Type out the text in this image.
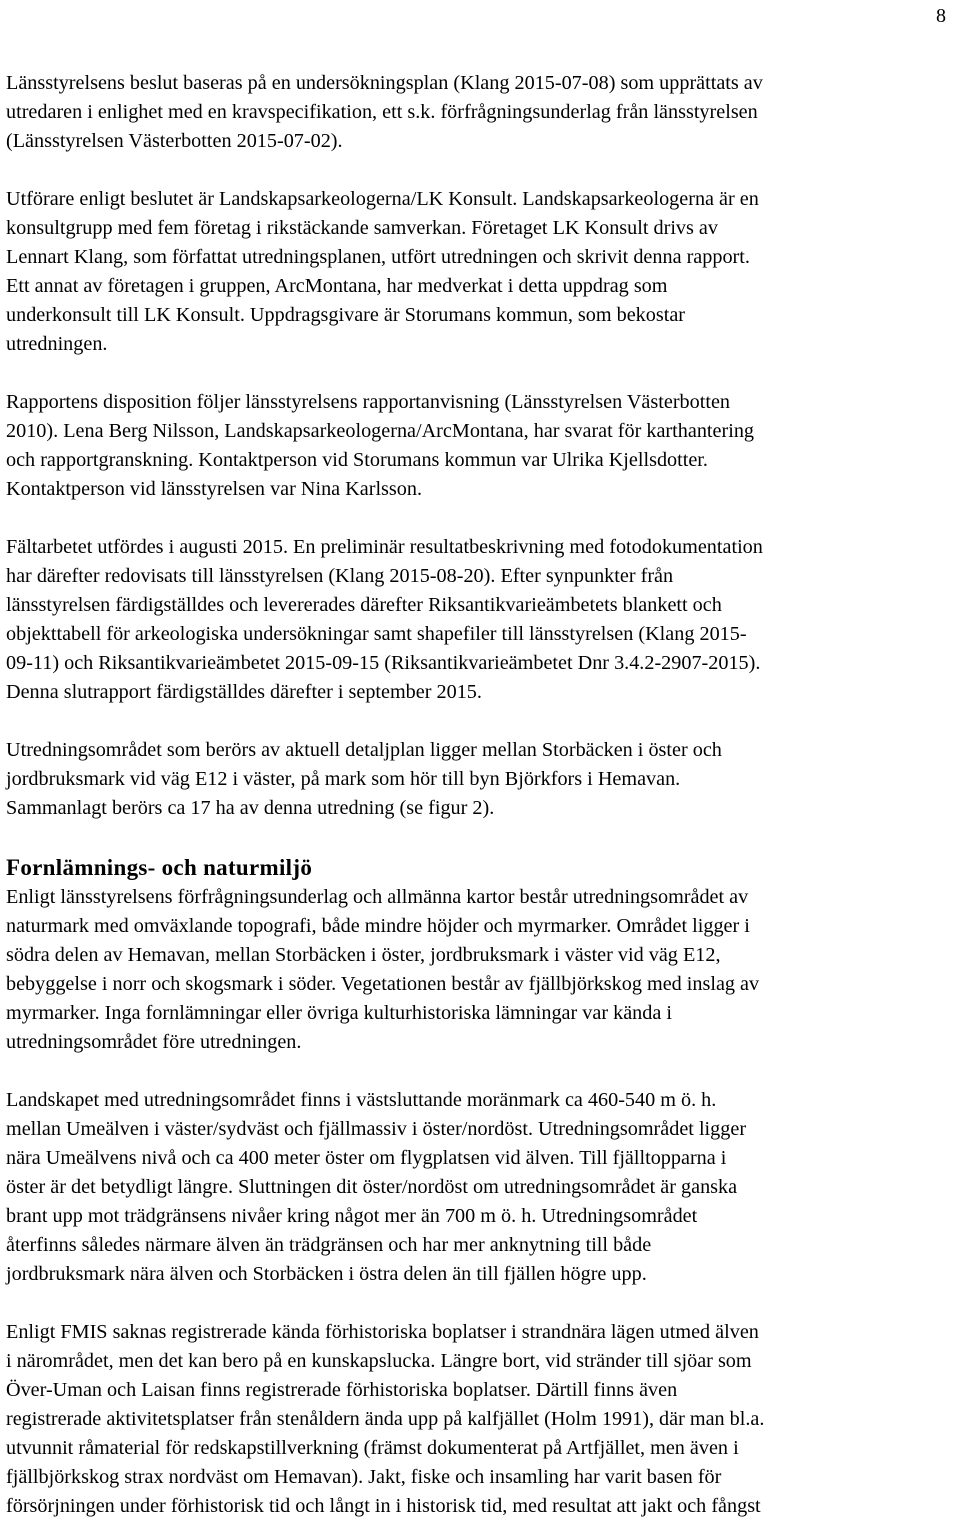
8

Länsstyrelsens beslut baseras på en undersökningsplan (Klang 2015-07-08) som upprättats av
utredaren i enlighet med en kravspecifikation, ett s.k. förfrågningsunderlag från länsstyrelsen
(Länsstyrelsen Västerbotten 2015-07-02).

Utförare enligt beslutet är Landskapsarkeologerna/LK Konsult. Landskapsarkeologerna är en
konsultgrupp med fem företag i rikstäckande samverkan. Företaget LK Konsult drivs av
Lennart Klang, som författat utredningsplanen, utfört utredningen och skrivit denna rapport.
Ett annat av företagen i gruppen, ArcMontana, har medverkat i detta uppdrag som
underkonsult till LK Konsult. Uppdragsgivare är Storumans kommun, som bekostar
utredningen.

Rapportens disposition följer länsstyrelsens rapportanvisning (Länsstyrelsen Västerbotten
2010). Lena Berg Nilsson, Landskapsarkeologerna/ArcMontana, har svarat för karthantering
och rapportgranskning. Kontaktperson vid Storumans kommun var Ulrika Kjellsdotter.
Kontaktperson vid länsstyrelsen var Nina Karlsson.

Fältarbetet utfördes i augusti 2015. En preliminär resultatbeskrivning med fotodokumentation
har därefter redovisats till länsstyrelsen (Klang 2015-08-20). Efter synpunkter från
länsstyrelsen färdigställdes och levererades därefter Riksantikvarieämbetets blankett och
objekttabell för arkeologiska undersökningar samt shapefiler till länsstyrelsen (Klang 2015-
09-11) och Riksantikvarieämbetet 2015-09-15 (Riksantikvarieämbetet Dnr 3.4.2-2907-2015).
Denna slutrapport färdigställdes därefter i september 2015.

Utredningsområdet som berörs av aktuell detaljplan ligger mellan Storbäcken i öster och
jordbruksmark vid väg E12 i väster, på mark som hör till byn Björkfors i Hemavan.
Sammanlagt berörs ca 17 ha av denna utredning (se figur 2).

Fornlämnings- och naturmiljö

Enligt länsstyrelsens förfrågningsunderlag och allmänna kartor består utredningsområdet av
naturmark med omväxlande topografi, både mindre höjder och myrmarker. Området ligger i
södra delen av Hemavan, mellan Storbäcken i öster, jordbruksmark i väster vid väg E12,
bebyggelse i norr och skogsmark i söder. Vegetationen består av fjällbjörkskog med inslag av
myrmarker. Inga fornlämningar eller övriga kulturhistoriska lämningar var kända i
utredningsområdet före utredningen.

Landskapet med utredningsområdet finns i västsluttande moränmark ca 460-540 m ö. h.
mellan Umeälven i väster/sydväst och fjällmassiv i öster/nordöst. Utredningsområdet ligger
nära Umeälvens nivå och ca 400 meter öster om flygplatsen vid älven. Till fjälltopparna i
öster är det betydligt längre. Sluttningen dit öster/nordöst om utredningsområdet är ganska
brant upp mot trädgränsens nivåer kring något mer än 700 m ö. h. Utredningsområdet
återfinns således närmare älven än trädgränsen och har mer anknytning till både
jordbruksmark nära älven och Storbäcken i östra delen än till fjällen högre upp.

Enligt FMIS saknas registrerade kända förhistoriska boplatser i strandnära lägen utmed älven
i närområdet, men det kan bero på en kunskapslucka. Längre bort, vid stränder till sjöar som
Över-Uman och Laisan finns registrerade förhistoriska boplatser. Därtill finns även
registrerade aktivitetsplatser från stenåldern ända upp på kalfjället (Holm 1991), där man bl.a.
utvunnit råmaterial för redskapstillverkning (främst dokumenterat på Artfjället, men även i
fjällbjörkskog strax nordväst om Hemavan). Jakt, fiske och insamling har varit basen för
försörjningen under förhistorisk tid och långt in i historisk tid, med resultat att jakt och fångst
